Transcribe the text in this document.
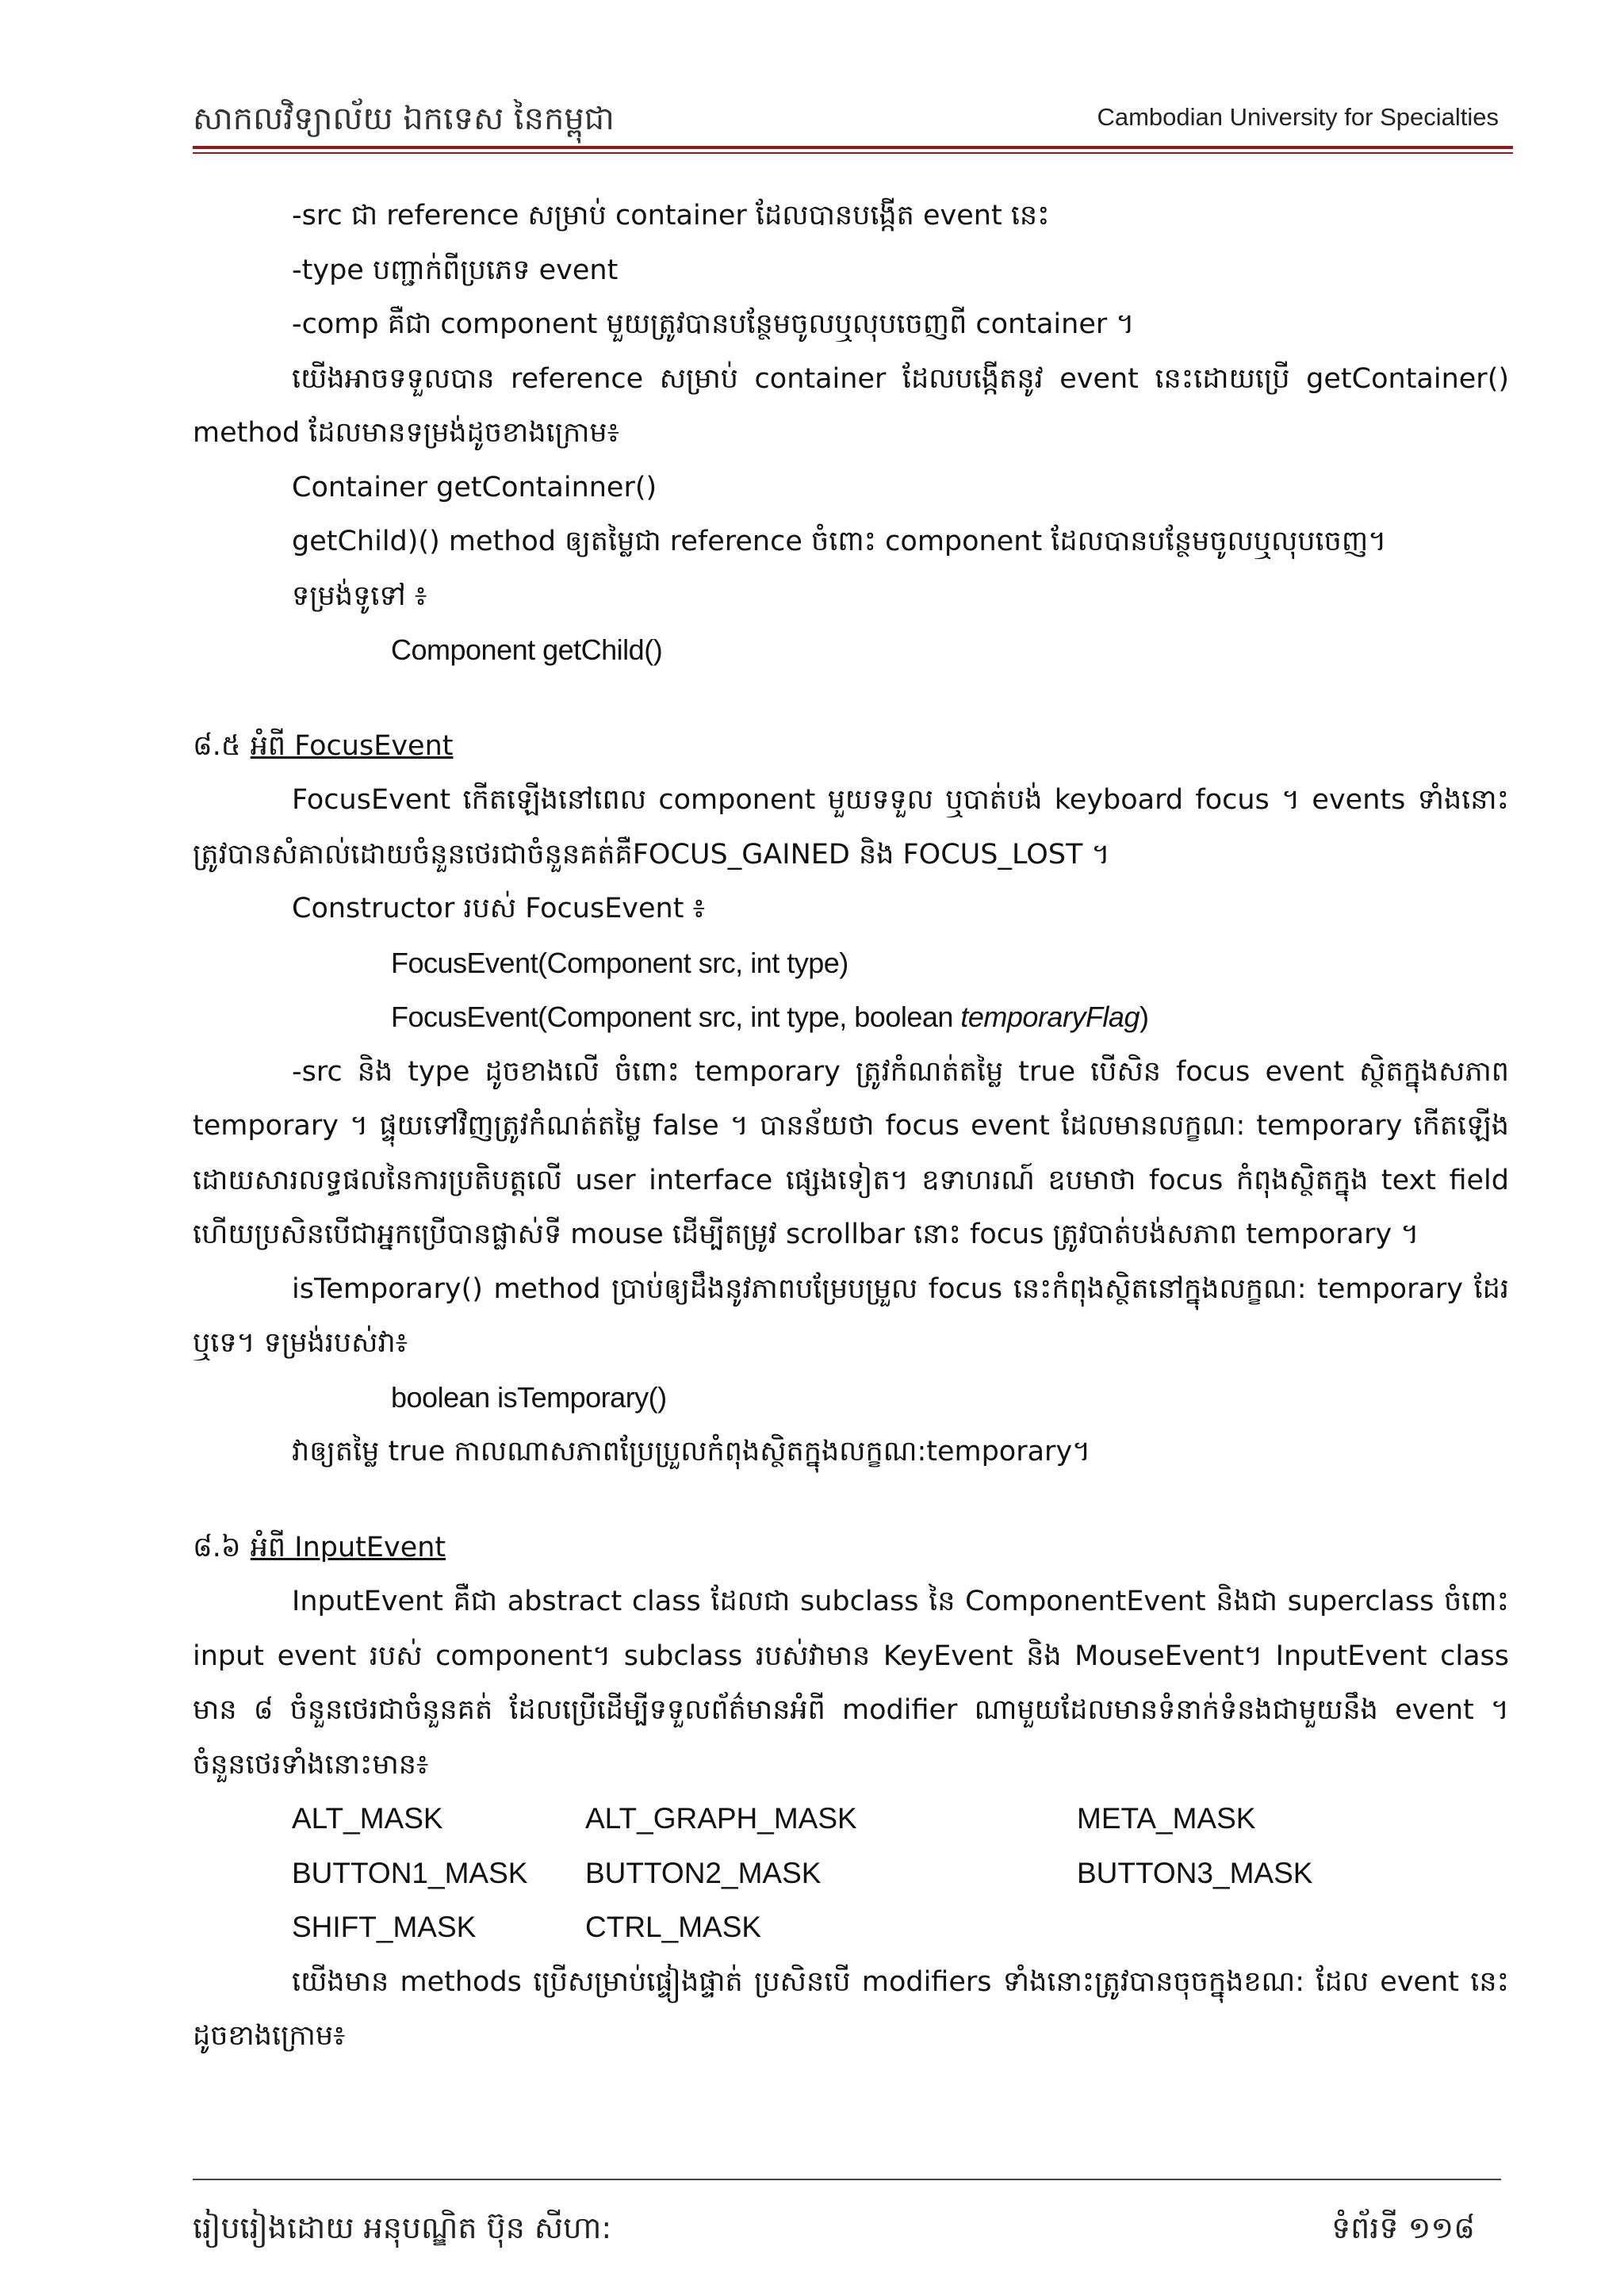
សាកលវិទ្យាល័យ ឯកទេស នៃកម្ពុជា	Cambodian University for Specialties

-src ជា reference សម្រាប់ container ដែលបានបង្កើត event នេះ

-type បញ្ជាក់ពីប្រភេទ event

-comp គឺជា component មួយត្រូវបានបន្ថែមចូលឬលុបចេញពី container ។

យើងអាចទទួលបាន reference សម្រាប់ container ដែលបង្កើតនូវ event នេះដោយប្រើ getContainer() method ដែលមានទម្រង់ដូចខាងក្រោម៖

Container getContainner()

getChild)() method ឲ្យតម្លៃជា reference ចំពោះ component ដែលបានបន្ថែមចូលឬលុបចេញ។

ទម្រង់ទូទៅ ៖

Component getChild()

៨.៥ អំពី FocusEvent

FocusEvent កើតឡើងនៅពេល component មួយទទួល ឬបាត់បង់ keyboard focus ។ events ទាំងនោះត្រូវបានសំគាល់ដោយចំនួនថេរជាចំនួនគត់គឺFOCUS_GAINED និង FOCUS_LOST ។

Constructor របស់ FocusEvent ៖

FocusEvent(Component src, int type)

FocusEvent(Component src, int type, boolean temporaryFlag)

-src និង type ដូចខាងលើ ចំពោះ temporary ត្រូវកំណត់តម្លៃ true បើសិន focus event ស្ថិតក្នុងសភាព temporary ។ ផ្ទុយទៅវិញត្រូវកំណត់តម្លៃ false ។ បានន័យថា focus event ដែលមានលក្ខណ: temporary កើតឡើងដោយសារលទ្ធផលនៃការប្រតិបត្តលើ user interface ផ្សេងទៀត។ ឧទាហរណ៍ ឧបមាថា focus កំពុងស្ថិតក្នុង text field ហើយប្រសិនបើជាអ្នកប្រើបានផ្លាស់ទី mouse ដើម្បីតម្រូវ scrollbar នោះ focus ត្រូវបាត់បង់សភាព temporary ។

isTemporary() method ប្រាប់ឲ្យដឹងនូវភាពបម្រែបម្រួល focus នេះកំពុងស្ថិតនៅក្នុងលក្ខណ: temporary ដែរ ឬទេ។ ទម្រង់របស់វា៖

boolean isTemporary()

វាឲ្យតម្លៃ true កាលណាសភាពប្រែប្រួលកំពុងស្ថិតក្នុងលក្ខណ:temporary។

៨.៦ អំពី InputEvent

InputEvent គឺជា abstract class ដែលជា subclass នៃ ComponentEvent និងជា superclass ចំពោះ input event របស់ component។ subclass របស់វាមាន KeyEvent និង MouseEvent។ InputEvent class មាន ៨ ចំនួនថេរជាចំនួនគត់ ដែលប្រើដើម្បីទទួលព័ត៌មានអំពី modifier ណាមួយដែលមានទំនាក់ទំនងជាមួយនឹង event ។ ចំនួនថេរទាំងនោះមាន៖

ALT_MASK	ALT_GRAPH_MASK	META_MASK
BUTTON1_MASK	BUTTON2_MASK	BUTTON3_MASK
SHIFT_MASK	CTRL_MASK

យើងមាន methods ប្រើសម្រាប់ផ្ទៀងផ្ទាត់ ប្រសិនបើ modifiers ទាំងនោះត្រូវបានចុចក្នុងខណ: ដែល event នេះ ដូចខាងក្រោម៖

រៀបរៀងដោយ អនុបណ្ឌិត ប៊ុន សីហា:	ទំព័រទី ១១៨
